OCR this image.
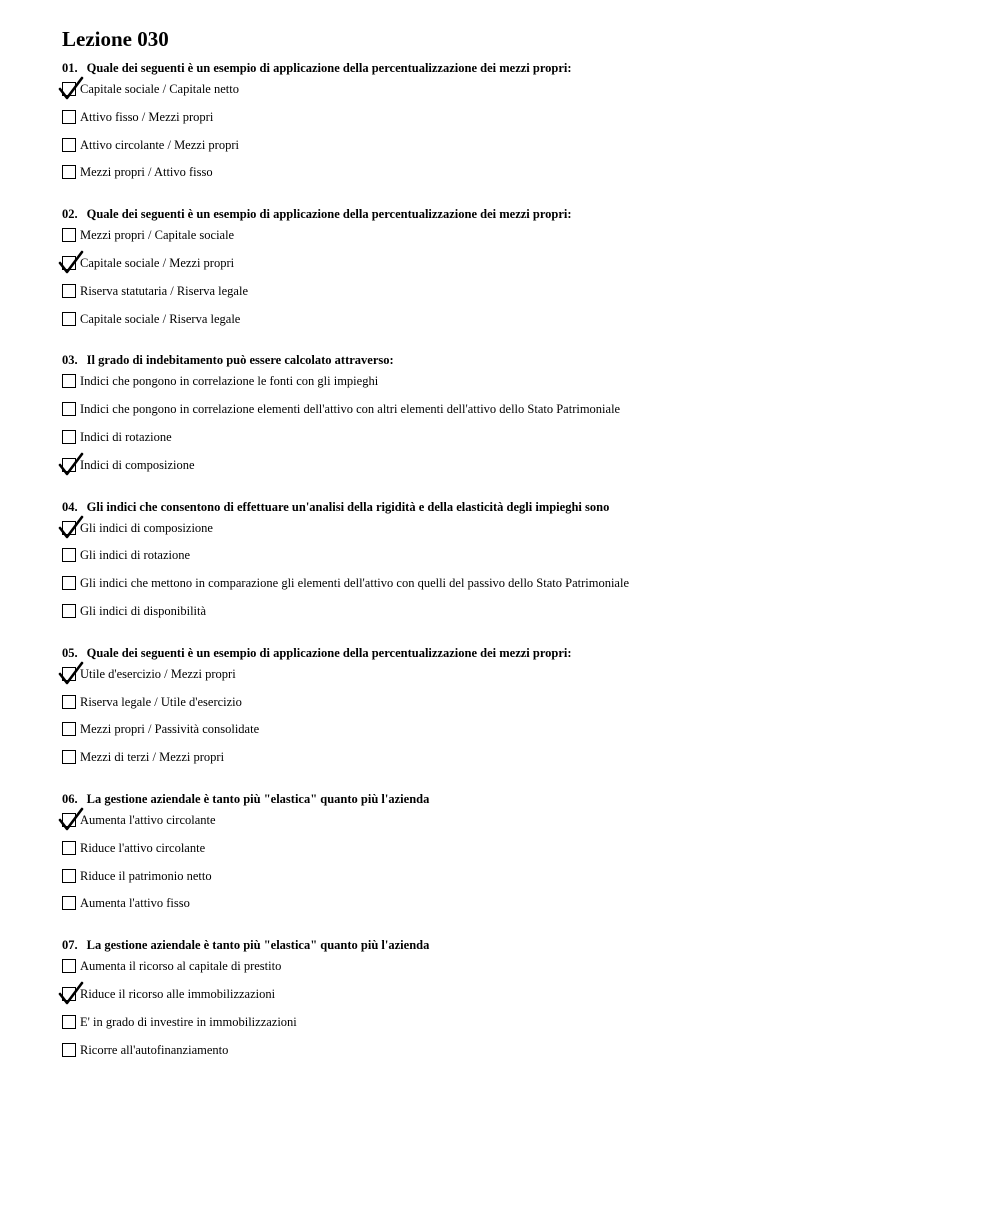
Lezione 030
01. Quale dei seguenti è un esempio di applicazione della percentualizzazione dei mezzi propri:
Capitale sociale / Capitale netto
Attivo fisso / Mezzi propri
Attivo circolante / Mezzi propri
Mezzi propri / Attivo fisso
02. Quale dei seguenti è un esempio di applicazione della percentualizzazione dei mezzi propri:
Mezzi propri / Capitale sociale
Capitale sociale / Mezzi propri
Riserva statutaria / Riserva legale
Capitale sociale / Riserva legale
03. Il grado di indebitamento può essere calcolato attraverso:
Indici che pongono in correlazione le fonti con gli impieghi
Indici che pongono in correlazione elementi dell'attivo con altri elementi dell'attivo dello Stato Patrimoniale
Indici di rotazione
Indici di composizione
04. Gli indici che consentono di effettuare un'analisi della rigidità e della elasticità degli impieghi sono
Gli indici di composizione
Gli indici di rotazione
Gli indici che mettono in comparazione gli elementi dell'attivo con quelli del passivo dello Stato Patrimoniale
Gli indici di disponibilità
05. Quale dei seguenti è un esempio di applicazione della percentualizzazione dei mezzi propri:
Utile d'esercizio / Mezzi propri
Riserva legale / Utile d'esercizio
Mezzi propri / Passività consolidate
Mezzi di terzi / Mezzi propri
06. La gestione aziendale è tanto più "elastica" quanto più l'azienda
Aumenta l'attivo circolante
Riduce l'attivo circolante
Riduce il patrimonio netto
Aumenta l'attivo fisso
07. La gestione aziendale è tanto più "elastica" quanto più l'azienda
Aumenta il ricorso al capitale di prestito
Riduce il ricorso alle immobilizzazioni
E' in grado di investire in immobilizzazioni
Ricorre all'autofinanziamento
